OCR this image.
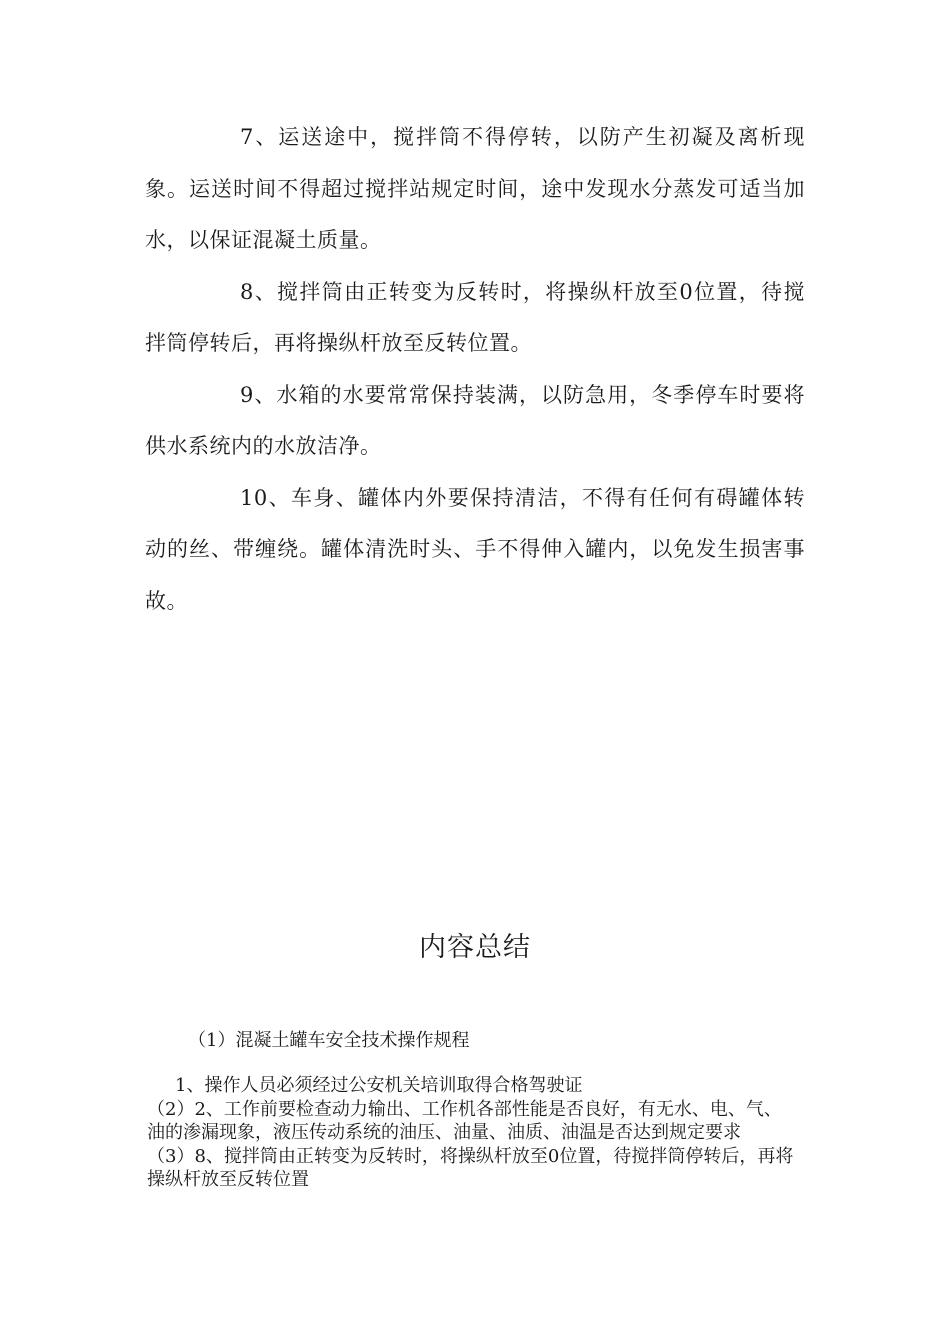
7、运送途中，搅拌筒不得停转，以防产生初凝及离析现象。运送时间不得超过搅拌站规定时间，途中发现水分蒸发可适当加水，以保证混凝土质量。

8、搅拌筒由正转变为反转时，将操纵杆放至0位置，待搅拌筒停转后，再将操纵杆放至反转位置。

9、水箱的水要常常保持装满，以防急用，冬季停车时要将供水系统内的水放洁净。

10、车身、罐体内外要保持清洁，不得有任何有碍罐体转动的丝、带缠绕。罐体清洗时头、手不得伸入罐内，以免发生损害事故。

内容总结

（1）混凝土罐车安全技术操作规程

1、操作人员必须经过公安机关培训取得合格驾驶证

（2）2、工作前要检查动力输出、工作机各部性能是否良好，有无水、电、气、油的渗漏现象，液压传动系统的油压、油量、油质、油温是否达到规定要求

（3）8、搅拌筒由正转变为反转时，将操纵杆放至0位置，待搅拌筒停转后，再将操纵杆放至反转位置
